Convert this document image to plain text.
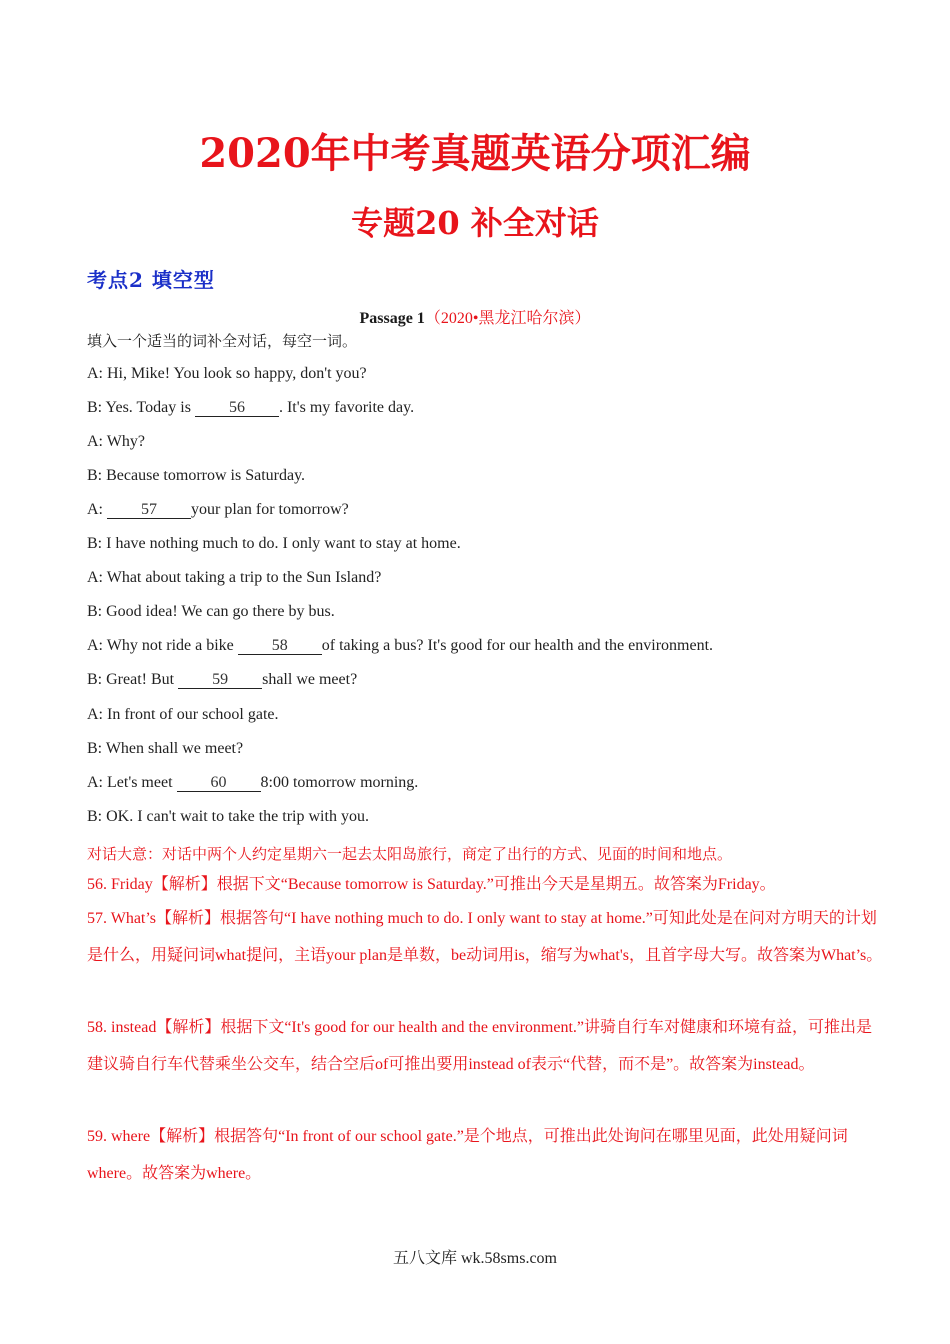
2020年中考真题英语分项汇编
专题20 补全对话
考点2 填空型
Passage 1（2020•黑龙江哈尔滨）
填入一个适当的词补全对话，每空一词。
A: Hi, Mike! You look so happy, don't you?
B: Yes. Today is 56 . It's my favorite day.
A: Why?
B: Because tomorrow is Saturday.
A: 57 your plan for tomorrow?
B: I have nothing much to do. I only want to stay at home.
A: What about taking a trip to the Sun Island?
B: Good idea! We can go there by bus.
A: Why not ride a bike 58 of taking a bus? It's good for our health and the environment.
B: Great! But 59 shall we meet?
A: In front of our school gate.
B: When shall we meet?
A: Let's meet 60 8:00 tomorrow morning.
B: OK. I can't wait to take the trip with you.
对话大意：对话中两个人约定星期六一起去太阳岛旅行，商定了出行的方式、见面的时间和地点。
56. Friday【解析】根据下文“Because tomorrow is Saturday.”可推出今天是星期五。故答案为Friday。
57. What’s【解析】根据答句“I have nothing much to do. I only want to stay at home.”可知此处是在问对方明天的计划是什么，用疑问词what提问，主语your plan是单数，be动词用is，缩写为what's，且首字母大写。故答案为What’s。
58. instead【解析】根据下文“It's good for our health and the environment.”讲骑自行车对健康和环境有益，可推出是建议骑自行车代替乘坐公交车，结合空后of可推出要用instead of表示“代替，而不是”。故答案为instead。
59. where【解析】根据答句“In front of our school gate.”是个地点，可推出此处询问在哪里见面，此处用疑问词where。故答案为where。
五八文库 wk.58sms.com
